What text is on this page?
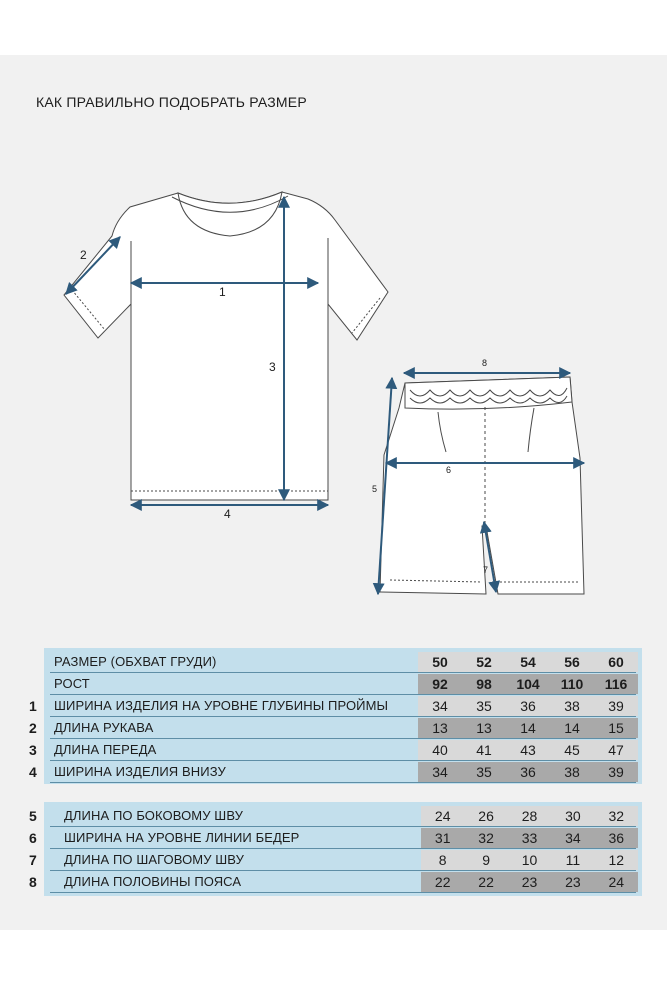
КАК ПРАВИЛЬНО ПОДОБРАТЬ РАЗМЕР
1
2
3
4
5
6
7
8
РАЗМЕР (ОБХВАТ ГРУДИ)	50	52	54	56	60
РОСТ	92	98	104	110	116
ШИРИНА ИЗДЕЛИЯ НА УРОВНЕ ГЛУБИНЫ ПРОЙМЫ	34	35	36	38	39
ДЛИНА РУКАВА	13	13	14	14	15
ДЛИНА ПЕРЕДА	40	41	43	45	47
ШИРИНА ИЗДЕЛИЯ ВНИЗУ	34	35	36	38	39
ДЛИНА ПО БОКОВОМУ ШВУ	24	26	28	30	32
ШИРИНА НА УРОВНЕ ЛИНИИ БЕДЕР	31	32	33	34	36
ДЛИНА ПО ШАГОВОМУ ШВУ	8	9	10	11	12
ДЛИНА ПОЛОВИНЫ ПОЯСА	22	22	23	23	24
1
2
3
4
5
6
7
8
